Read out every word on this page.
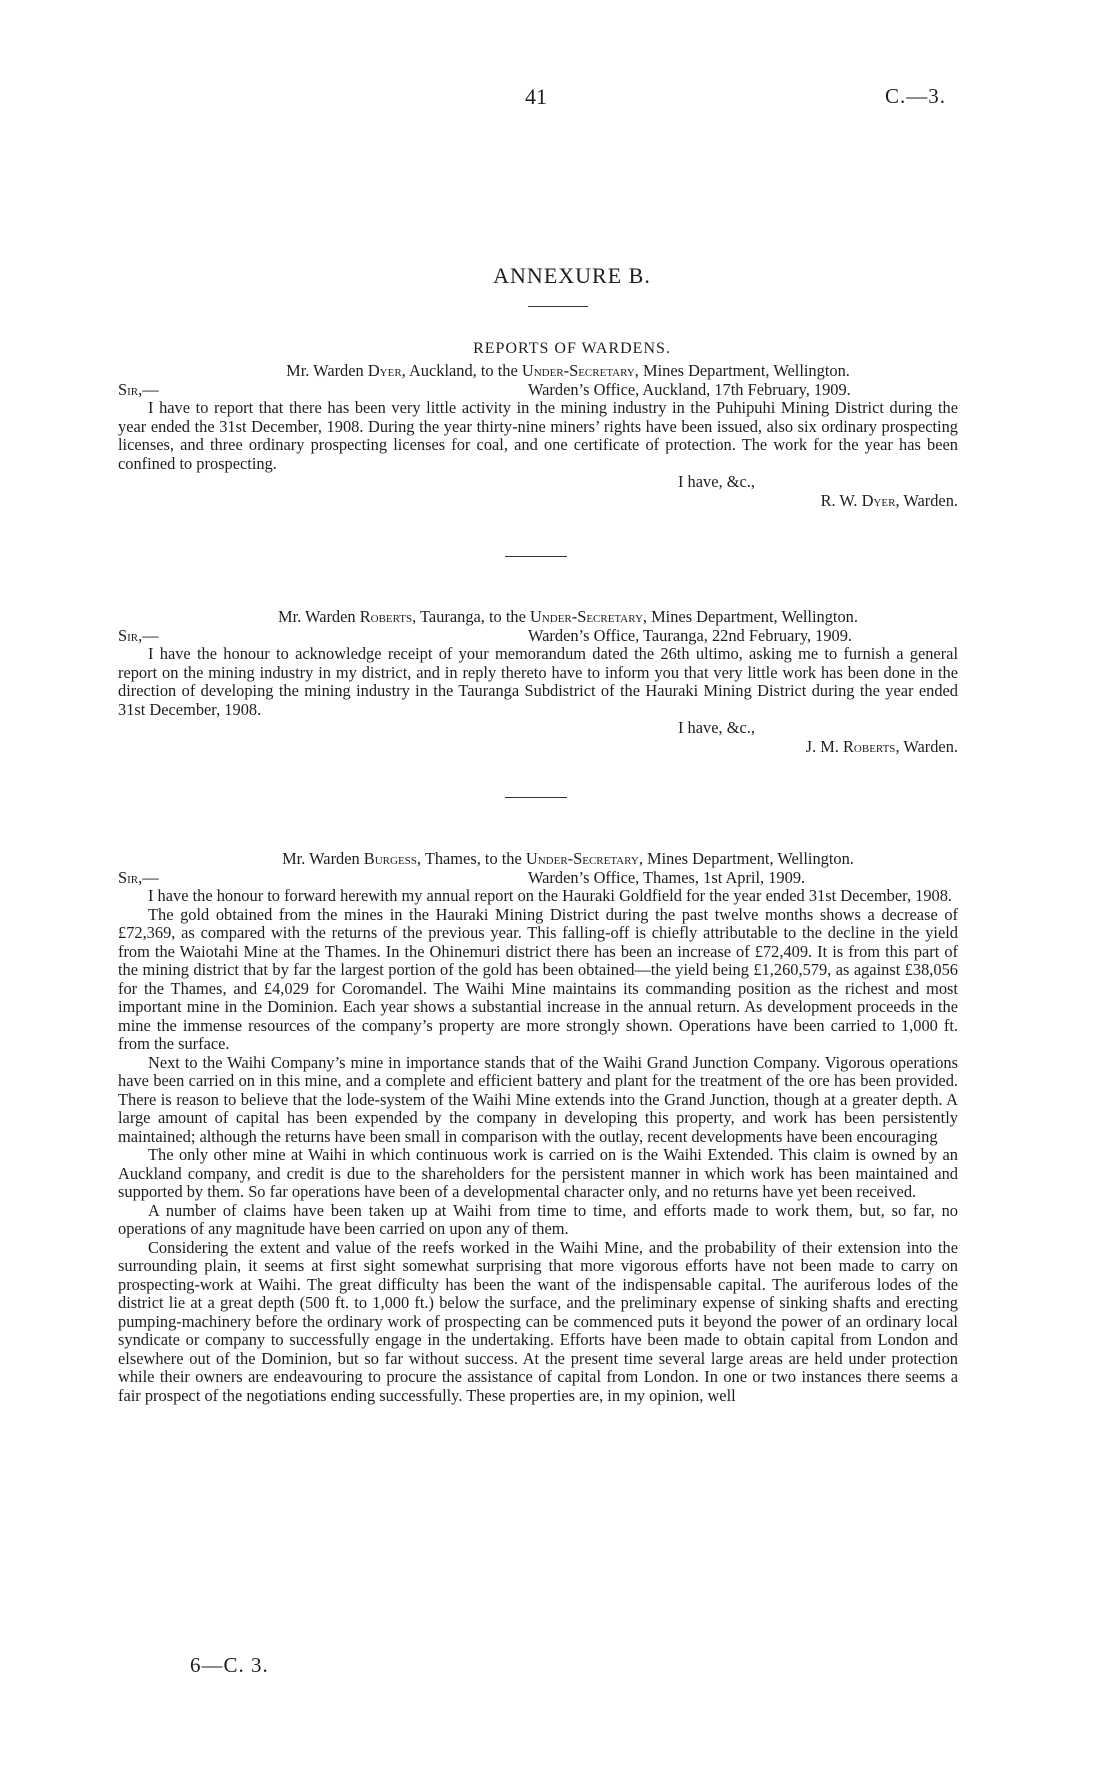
41	C.—3.
ANNEXURE B.
REPORTS OF WARDENS.
Mr. Warden Dyer, Auckland, to the Under-Secretary, Mines Department, Wellington.
Sir,—	Warden’s Office, Auckland, 17th February, 1909.

I have to report that there has been very little activity in the mining industry in the Puhipuhi Mining District during the year ended the 31st December, 1908. During the year thirty-nine miners’ rights have been issued, also six ordinary prospecting licenses, and three ordinary prospecting licenses for coal, and one certificate of protection. The work for the year has been confined to prospecting.

I have, &c.,
R. W. Dyer, Warden.
Mr. Warden Roberts, Tauranga, to the Under-Secretary, Mines Department, Wellington.
Sir,—	Warden’s Office, Tauranga, 22nd February, 1909.

I have the honour to acknowledge receipt of your memorandum dated the 26th ultimo, asking me to furnish a general report on the mining industry in my district, and in reply thereto have to inform you that very little work has been done in the direction of developing the mining industry in the Tauranga Subdistrict of the Hauraki Mining District during the year ended 31st December, 1908.

I have, &c.,
J. M. Roberts, Warden.
Mr. Warden Burgess, Thames, to the Under-Secretary, Mines Department, Wellington.
Sir,—	Warden’s Office, Thames, 1st April, 1909.

I have the honour to forward herewith my annual report on the Hauraki Goldfield for the year ended 31st December, 1908.

The gold obtained from the mines in the Hauraki Mining District during the past twelve months shows a decrease of £72,369, as compared with the returns of the previous year. This falling-off is chiefly attributable to the decline in the yield from the Waiotahi Mine at the Thames. In the Ohinemuri district there has been an increase of £72,409. It is from this part of the mining district that by far the largest portion of the gold has been obtained—the yield being £1,260,579, as against £38,056 for the Thames, and £4,029 for Coromandel. The Waihi Mine maintains its commanding position as the richest and most important mine in the Dominion. Each year shows a substantial increase in the annual return. As development proceeds in the mine the immense resources of the company’s property are more strongly shown. Operations have been carried to 1,000 ft. from the surface.

Next to the Waihi Company’s mine in importance stands that of the Waihi Grand Junction Company. Vigorous operations have been carried on in this mine, and a complete and efficient battery and plant for the treatment of the ore has been provided. There is reason to believe that the lode-system of the Waihi Mine extends into the Grand Junction, though at a greater depth. A large amount of capital has been expended by the company in developing this property, and work has been persistently maintained; although the returns have been small in comparison with the outlay, recent developments have been encouraging

The only other mine at Waihi in which continuous work is carried on is the Waihi Extended. This claim is owned by an Auckland company, and credit is due to the shareholders for the persistent manner in which work has been maintained and supported by them. So far operations have been of a developmental character only, and no returns have yet been received.

A number of claims have been taken up at Waihi from time to time, and efforts made to work them, but, so far, no operations of any magnitude have been carried on upon any of them.

Considering the extent and value of the reefs worked in the Waihi Mine, and the probability of their extension into the surrounding plain, it seems at first sight somewhat surprising that more vigorous efforts have not been made to carry on prospecting-work at Waihi. The great difficulty has been the want of the indispensable capital. The auriferous lodes of the district lie at a great depth (500 ft. to 1,000 ft.) below the surface, and the preliminary expense of sinking shafts and erecting pumping-machinery before the ordinary work of prospecting can be commenced puts it beyond the power of an ordinary local syndicate or company to successfully engage in the undertaking. Efforts have been made to obtain capital from London and elsewhere out of the Dominion, but so far without success. At the present time several large areas are held under protection while their owners are endeavouring to procure the assistance of capital from London. In one or two instances there seems a fair prospect of the negotiations ending successfully. These properties are, in my opinion, well

6—C. 3.
